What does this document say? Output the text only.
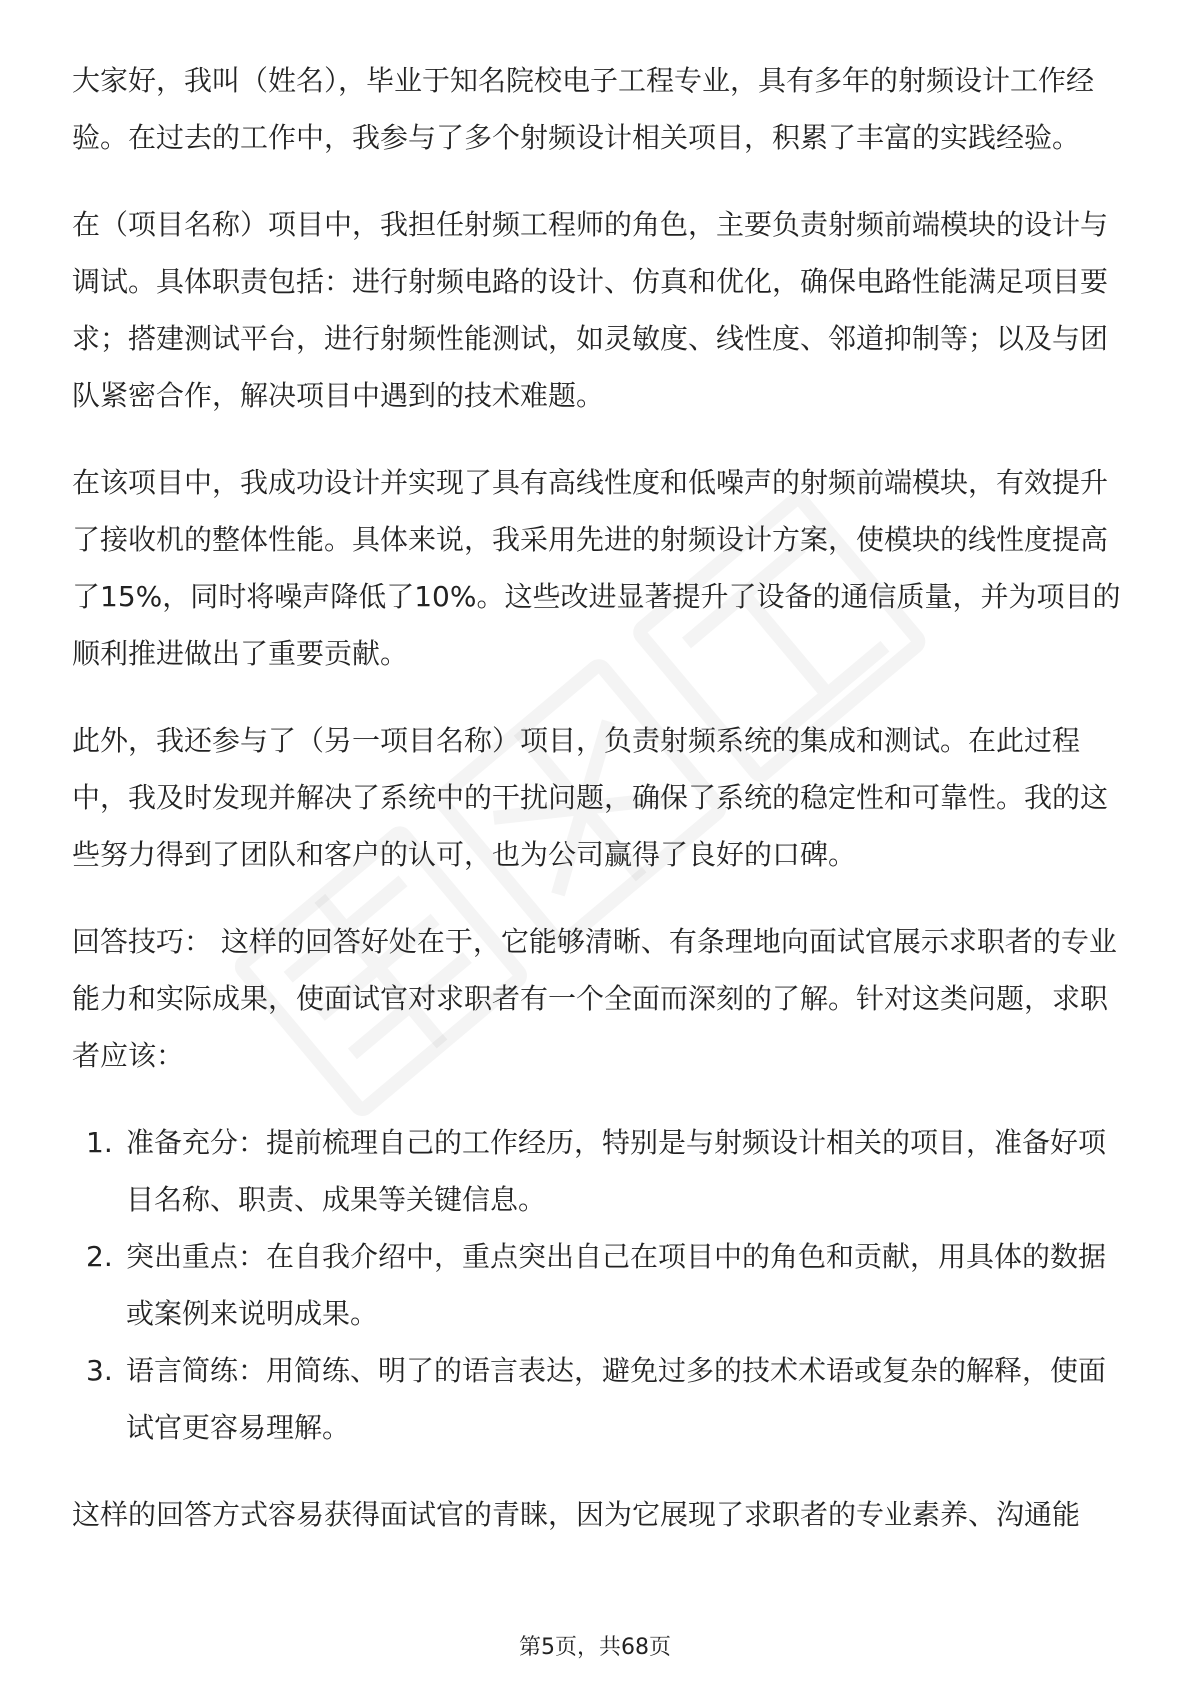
大家好，我叫（姓名），毕业于知名院校电子工程专业，具有多年的射频设计工作经验。在过去的工作中，我参与了多个射频设计相关项目，积累了丰富的实践经验。

在（项目名称）项目中，我担任射频工程师的角色，主要负责射频前端模块的设计与调试。具体职责包括：进行射频电路的设计、仿真和优化，确保电路性能满足项目要求；搭建测试平台，进行射频性能测试，如灵敏度、线性度、邻道抑制等；以及与团队紧密合作，解决项目中遇到的技术难题。

在该项目中，我成功设计并实现了具有高线性度和低噪声的射频前端模块，有效提升了接收机的整体性能。具体来说，我采用先进的射频设计方案，使模块的线性度提高了15%，同时将噪声降低了10%。这些改进显著提升了设备的通信质量，并为项目的顺利推进做出了重要贡献。

此外，我还参与了（另一项目名称）项目，负责射频系统的集成和测试。在此过程中，我及时发现并解决了系统中的干扰问题，确保了系统的稳定性和可靠性。我的这些努力得到了团队和客户的认可，也为公司赢得了良好的口碑。

回答技巧： 这样的回答好处在于，它能够清晰、有条理地向面试官展示求职者的专业能力和实际成果，使面试官对求职者有一个全面而深刻的了解。针对这类问题，求职者应该：

1. 准备充分：提前梳理自己的工作经历，特别是与射频设计相关的项目，准备好项目名称、职责、成果等关键信息。
2. 突出重点：在自我介绍中，重点突出自己在项目中的角色和贡献，用具体的数据或案例来说明成果。
3. 语言简练：用简练、明了的语言表达，避免过多的技术术语或复杂的解释，使面试官更容易理解。

这样的回答方式容易获得面试官的青睐，因为它展现了求职者的专业素养、沟通能

第5页，共68页
